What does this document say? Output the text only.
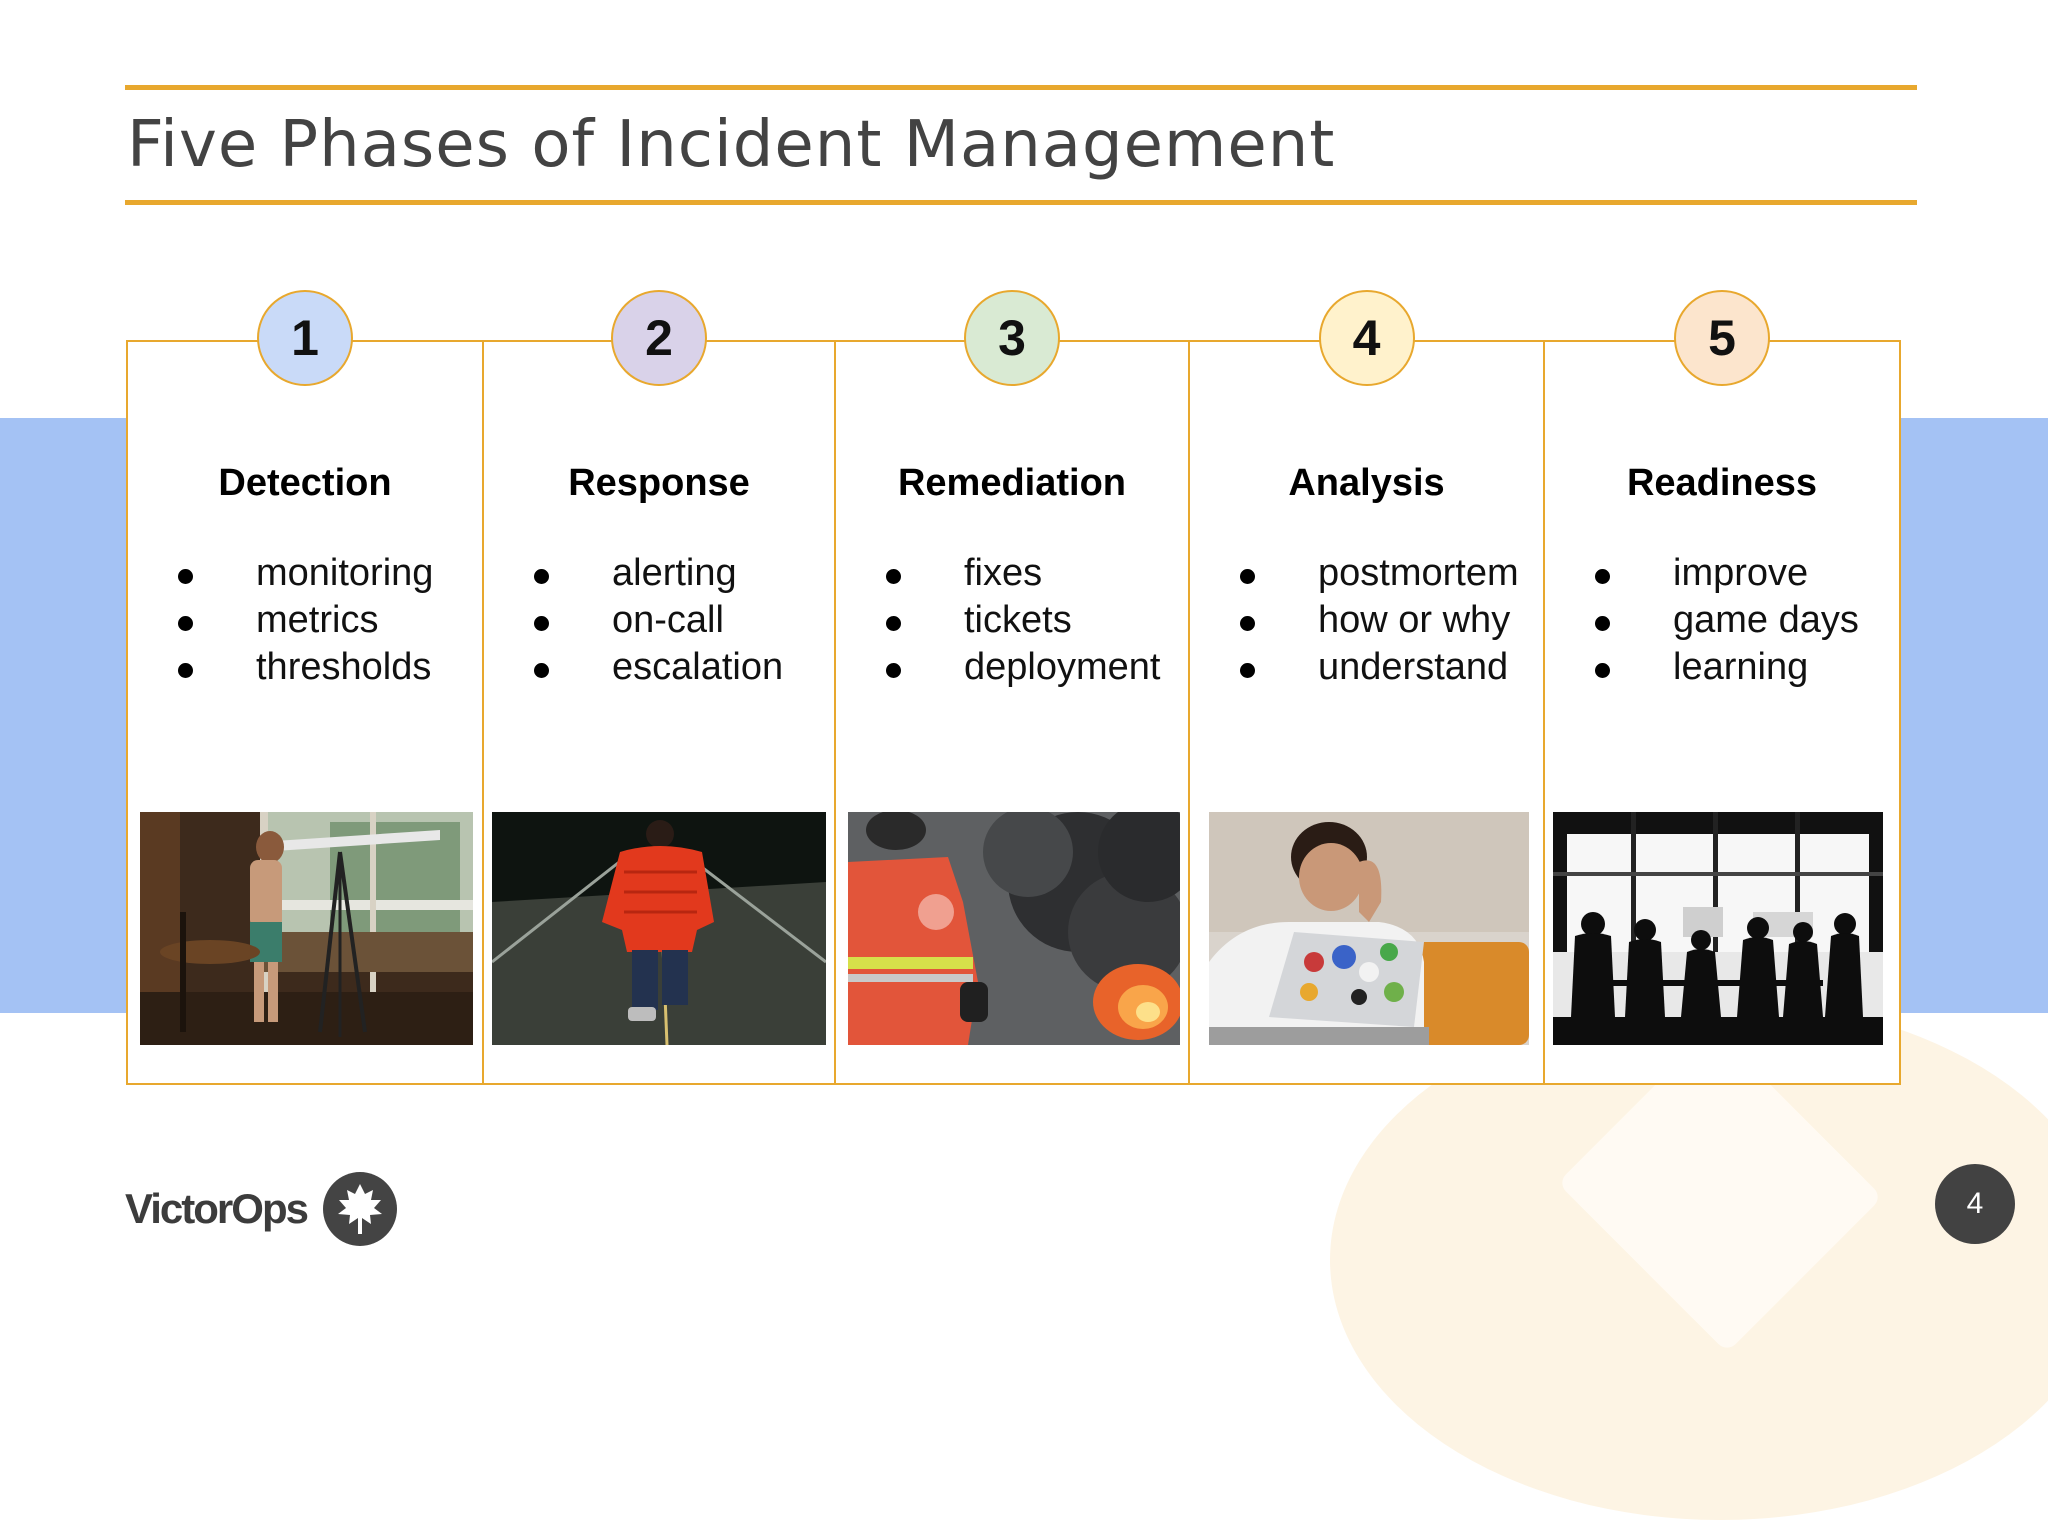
Five Phases of Incident Management
1
Detection
monitoring
metrics
thresholds
2
Response
alerting
on-call
escalation
3
Remediation
fixes
tickets
deployment
4
Analysis
postmortem
how or why
understand
5
Readiness
improve
game days
learning
VictorOps	4
